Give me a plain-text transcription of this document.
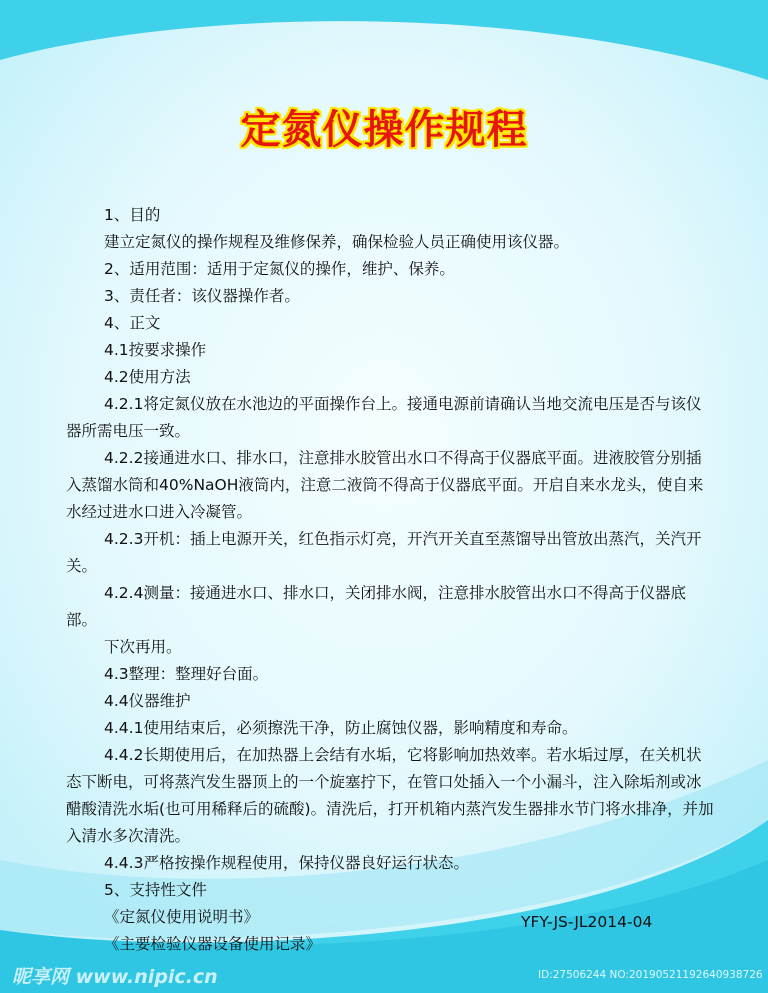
定氮仪操作规程

1、目的

建立定氮仪的操作规程及维修保养，确保检验人员正确使用该仪器。

2、适用范围：适用于定氮仪的操作，维护、保养。

3、责任者：该仪器操作者。

4、正文

4.1按要求操作

4.2使用方法

4.2.1将定氮仪放在水池边的平面操作台上。接通电源前请确认当地交流电压是否与该仪器所需电压一致。

4.2.2接通进水口、排水口，注意排水胶管出水口不得高于仪器底平面。进液胶管分别插入蒸馏水筒和40%NaOH液筒内，注意二液筒不得高于仪器底平面。开启自来水龙头，使自来水经过进水口进入冷凝管。

4.2.3开机：插上电源开关，红色指示灯亮，开汽开关直至蒸馏导出管放出蒸汽，关汽开关。

4.2.4测量：接通进水口、排水口，关闭排水阀，注意排水胶管出水口不得高于仪器底部。

下次再用。

4.3整理：整理好台面。

4.4仪器维护

4.4.1使用结束后，必须擦洗干净，防止腐蚀仪器，影响精度和寿命。

4.4.2长期使用后，在加热器上会结有水垢，它将影响加热效率。若水垢过厚，在关机状态下断电，可将蒸汽发生器顶上的一个旋塞拧下，在管口处插入一个小漏斗，注入除垢剂或冰醋酸清洗水垢(也可用稀释后的硫酸)。清洗后，打开机箱内蒸汽发生器排水节门将水排净，并加入清水多次清洗。

4.4.3严格按操作规程使用，保持仪器良好运行状态。

5、支持性文件

《定氮仪使用说明书》

《主要检验仪器设备使用记录》

YFY-JS-JL2014-04
昵享网 www.nipic.cn	ID:27506244 NO:20190521192640938726
